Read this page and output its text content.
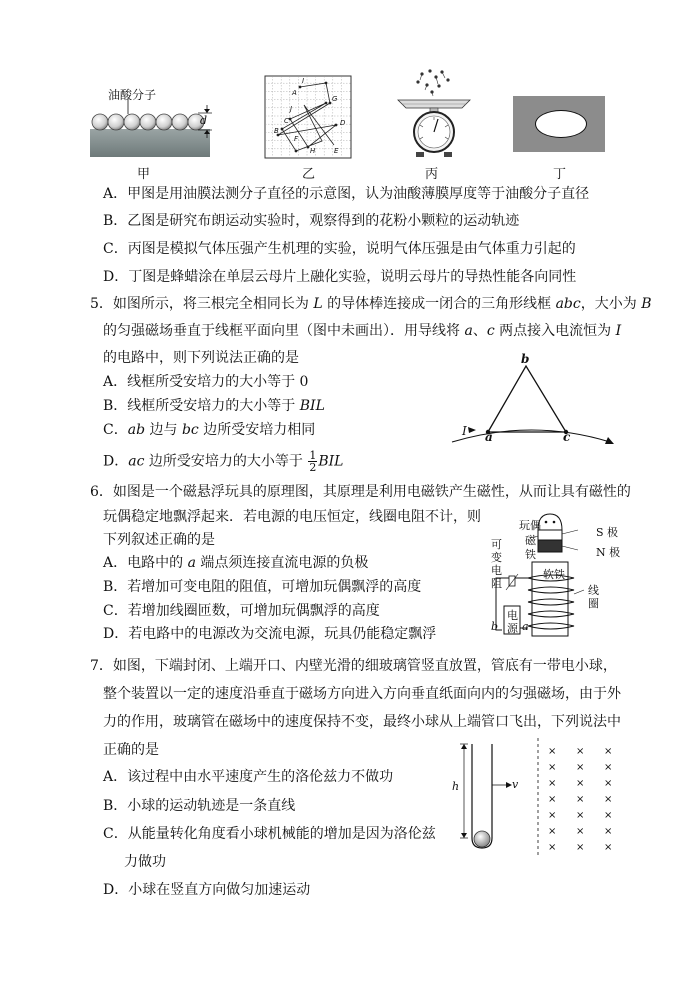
油酸分子
d
甲
A
B
C	D
E
F
G
H
I
J
乙	丙	丁
A．甲图是用油膜法测分子直径的示意图，认为油酸薄膜厚度等于油酸分子直径
B．乙图是研究布朗运动实验时，观察得到的花粉小颗粒的运动轨迹
C．丙图是模拟气体压强产生机理的实验，说明气体压强是由气体重力引起的
D．丁图是蜂蜡涂在单层云母片上融化实验，说明云母片的导热性能各向同性
5．如图所示，将三根完全相同长为 L 的导体棒连接成一闭合的三角形线框 abc，大小为 B
的匀强磁场垂直于线框平面向里（图中未画出）．用导线将 a、c 两点接入电流恒为 I
的电路中，则下列说法正确的是
A．线框所受安培力的大小等于 0
B．线框所受安培力的大小等于 BIL
C．ab 边与 bc 边所受安培力相同
D．ac 边所受安培力的大小等于 $\frac{1}{2}$ BIL
b
a	c
I
6．如图是一个磁悬浮玩具的原理图，其原理是利用电磁铁产生磁性，从而让具有磁性的
玩偶稳定地飘浮起来．若电源的电压恒定，线圈电阻不计，则
下列叙述正确的是
A．电路中的 a 端点须连接直流电源的负极
B．若增加可变电阻的阻值，可增加玩偶飘浮的高度
C．若增加线圈匝数，可增加玩偶飘浮的高度
D．若电路中的电源改为交流电源，玩具仍能稳定飘浮
玩偶
磁
铁
S 极
N 极
可
变
电
阻
软铁
线
圈
电
源
b a
7．如图，下端封闭、上端开口、内壁光滑的细玻璃管竖直放置，管底有一带电小球，
整个装置以一定的速度沿垂直于磁场方向进入方向垂直纸面向内的匀强磁场，由于外
力的作用，玻璃管在磁场中的速度保持不变，最终小球从上端管口飞出，下列说法中
正确的是
A．该过程中由水平速度产生的洛伦兹力不做功
B．小球的运动轨迹是一条直线
C．从能量转化角度看小球机械能的增加是因为洛伦兹
力做功
D．小球在竖直方向做匀加速运动
× × ×
× × ×
× × ×
× × ×
× × ×
× × ×
× × ×
h	v
